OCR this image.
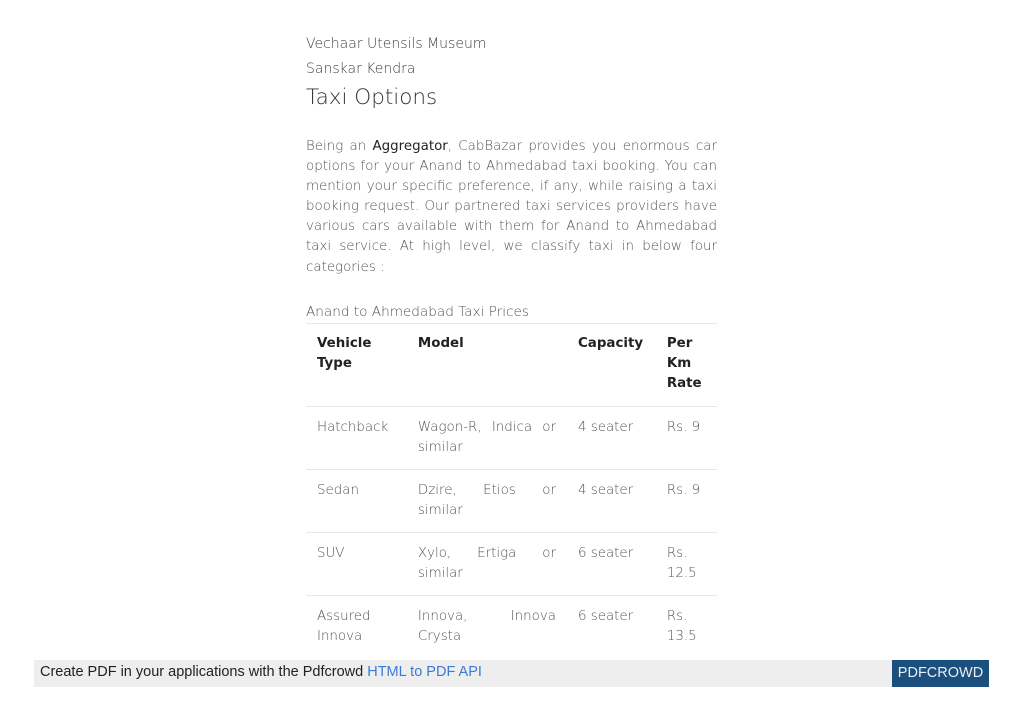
Vechaar Utensils Museum
Sanskar Kendra
Taxi Options

Being an Aggregator, CabBazar provides you enormous car options for your Anand to Ahmedabad taxi booking. You can mention your specific preference, if any, while raising a taxi booking request. Our partnered taxi services providers have various cars available with them for Anand to Ahmedabad taxi service. At high level, we classify taxi in below four categories :

Anand to Ahmedabad Taxi Prices
Vehicle Type	Model	Capacity	Per Km Rate
Hatchback	Wagon-R, Indica or similar	4 seater	Rs. 9
Sedan	Dzire, Etios or similar	4 seater	Rs. 9
SUV	Xylo, Ertiga or similar	6 seater	Rs. 12.5
Assured Innova	Innova, Innova Crysta	6 seater	Rs. 13.5
Create PDF in your applications with the Pdfcrowd HTML to PDF API	PDFCROWD
